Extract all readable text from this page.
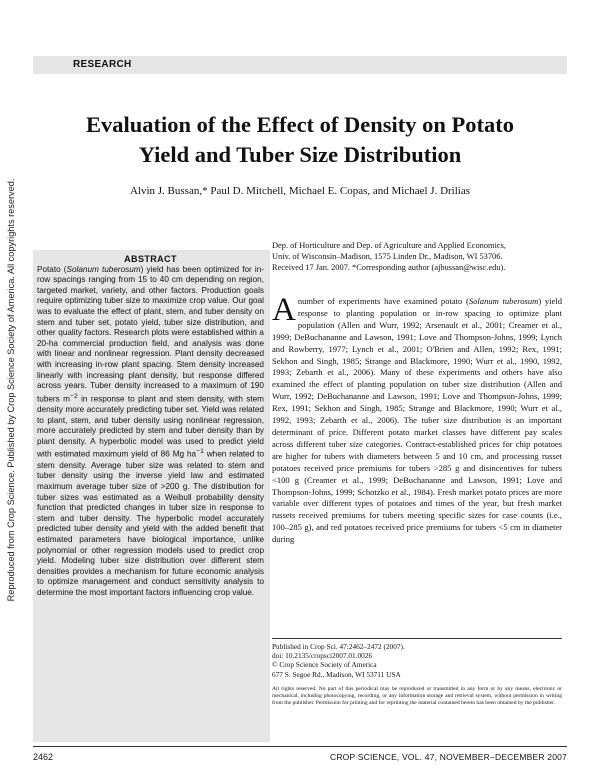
Reproduced from Crop Science. Published by Crop Science Society of America. All copyrights reserved.
RESEARCH
Evaluation of the Effect of Density on Potato
Yield and Tuber Size Distribution
Alvin J. Bussan,* Paul D. Mitchell, Michael E. Copas, and Michael J. Drilias
ABSTRACT

Potato (Solanum tuberosum) yield has been optimized for in-row spacings ranging from 15 to 40 cm depending on region, targeted market, variety, and other factors. Production goals require optimizing tuber size to maximize crop value. Our goal was to evaluate the effect of plant, stem, and tuber density on stem and tuber set, potato yield, tuber size distribution, and other quality factors. Research plots were established within a 20-ha commercial production field, and analysis was done with linear and nonlinear regression. Plant density decreased with increasing in-row plant spacing. Stem density increased linearly with increasing plant density, but response differed across years. Tuber density increased to a maximum of 190 tubers $m^{-2}$ in response to plant and stem density, with stem density more accurately predicting tuber set. Yield was related to plant, stem, and tuber density using nonlinear regression, more accurately predicted by stem and tuber density than by plant density. A hyperbolic model was used to predict yield with estimated maximum yield of 86 Mg $ha^{-1}$ when related to stem density. Average tuber size was related to stem and tuber density using the inverse yield law and estimated maximum average tuber size of >200 g. The distribution for tuber sizes was estimated as a Weibull probability density function that predicted changes in tuber size in response to stem and tuber density. The hyperbolic model accurately predicted tuber density and yield with the added benefit that estimated parameters have biological importance, unlike polynomial or other regression models used to predict crop yield. Modeling tuber size distribution over different stem densities provides a mechanism for future economic analysis to optimize management and conduct sensitivity analysis to determine the most important factors influencing crop value.

Dep. of Horticulture and Dep. of Agriculture and Applied Economics,

Univ. of Wisconsin–Madison, 1575 Linden Dr., Madison, WI 53706.

Received 17 Jan. 2007. *Corresponding author (ajbussan@wisc.edu).

A number of experiments have examined potato (Solanum tuberosum) yield response to planting population or in-row spacing to optimize plant population (Allen and Wurr, 1992; Arsenault et al., 2001; Creamer et al., 1999; DeBuchananne and Lawson, 1991; Love and Thompson-Johns, 1999; Lynch and Rowberry, 1977; Lynch et al., 2001; O'Brien and Allen, 1992; Rex, 1991; Sekhon and Singh, 1985; Strange and Blackmore, 1990; Wurr et al., 1990, 1992, 1993; Zebarth et al., 2006). Many of these experiments and others have also examined the effect of planting population on tuber size distribution (Allen and Wurr, 1992; DeBuchananne and Lawson, 1991; Love and Thompson-Johns, 1999; Rex, 1991; Sekhon and Singh, 1985; Strange and Blackmore, 1990; Wurr et al., 1992, 1993; Zebarth et al., 2006). The tuber size distribution is an important determinant of price. Different potato market classes have different pay scales across different tuber size categories. Contract-established prices for chip potatoes are higher for tubers with diameters between 5 and 10 cm, and processing russet potatoes received price premiums for tubers >285 g and disincentives for tubers <100 g (Creamer et al., 1999; DeBuchananne and Lawson, 1991; Love and Thompson-Johns, 1999; Schotzko et al., 1984). Fresh market potato prices are more variable over different types of potatoes and times of the year, but fresh market russets received premiums for tubers meeting specific sizes for case counts (i.e., 100–285 g), and red potatoes received price premiums for tubers <5 cm in diameter during

Published in Crop Sci. 47:2462–2472 (2007).
doi: 10.2135/cropsci2007.01.0026
© Crop Science Society of America
677 S. Segoe Rd., Madison, WI 53711 USA
All rights reserved. No part of this periodical may be reproduced or transmitted in any form or by any means, electronic or mechanical, including photocopying, recording, or any information storage and retrieval system, without permission in writing from the publisher. Permission for printing and for reprinting the material contained herein has been obtained by the publisher.
2462	CROP SCIENCE, VOL. 47, NOVEMBER–DECEMBER 2007
